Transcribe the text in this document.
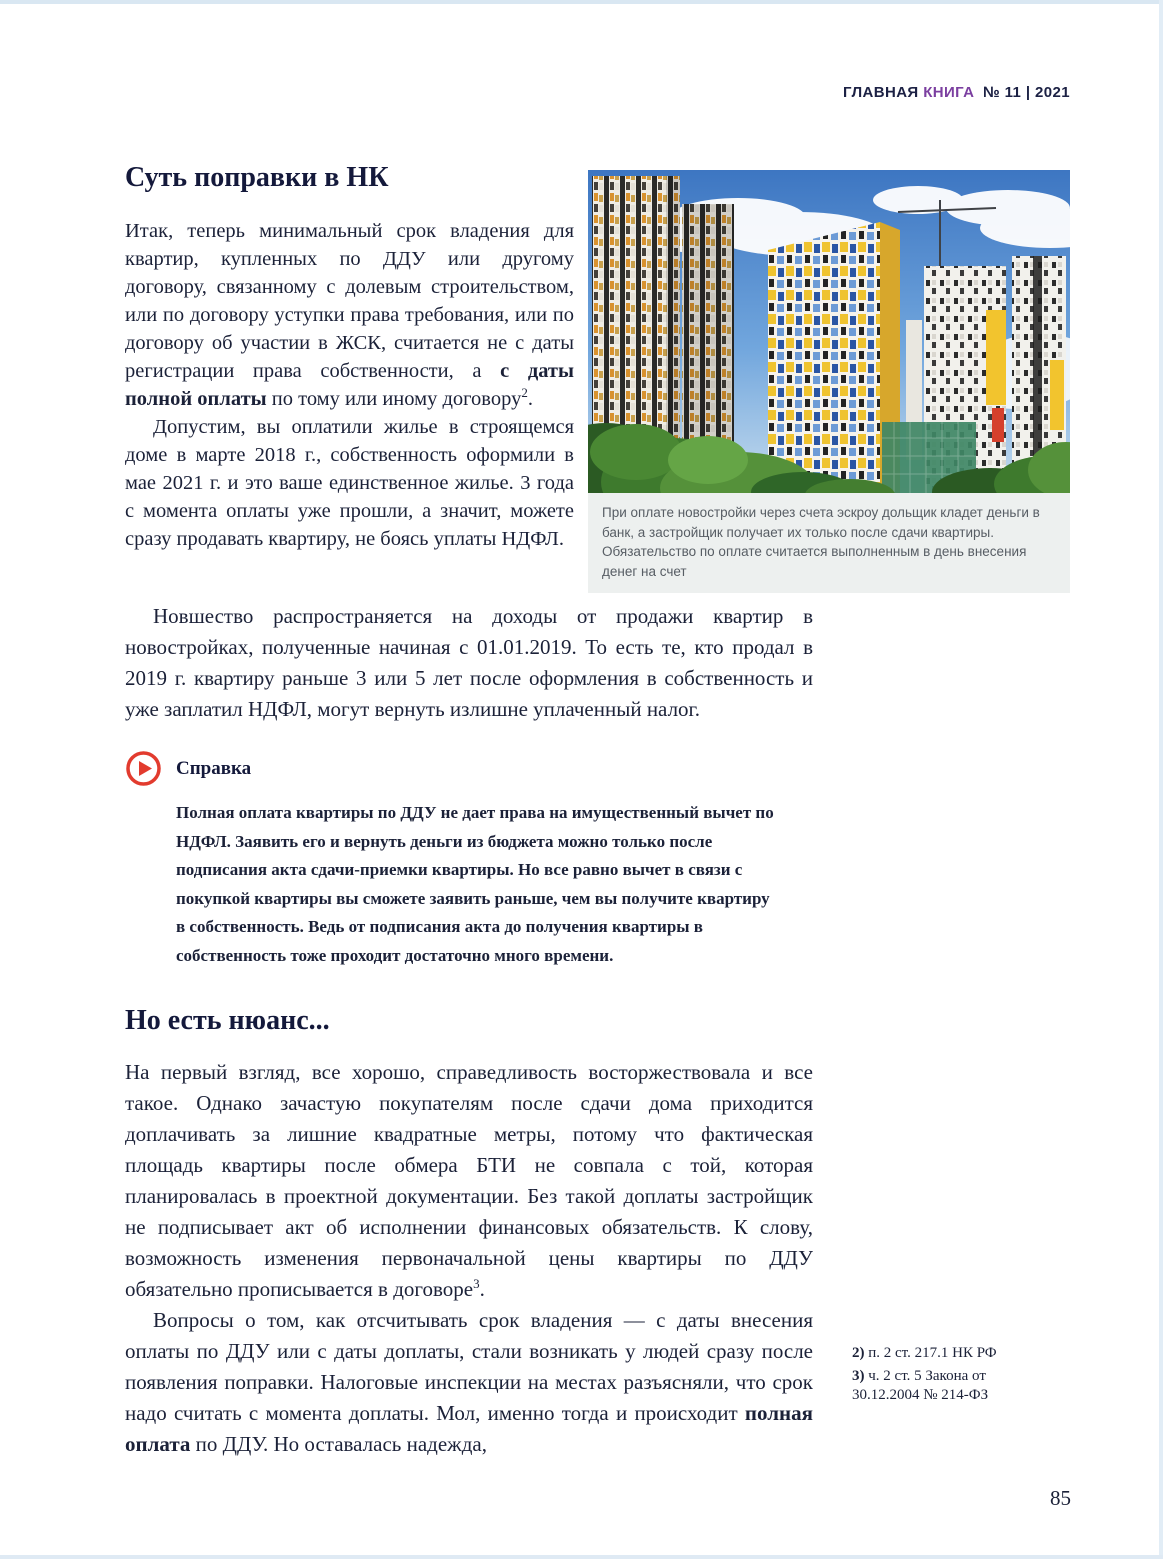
ГЛАВНАЯ КНИГА № 11 | 2021
Суть поправки в НК

Итак, теперь минимальный срок владения для квартир, купленных по ДДУ или другому договору, связанному с долевым строительством, или по договору уступки права требования, или по договору об участии в ЖСК, считается не с даты регистрации права собственности, а с даты полной оплаты по тому или иному договору$^2$.

Допустим, вы оплатили жилье в строящемся доме в марте 2018 г., собственность оформили в мае 2021 г. и это ваше единственное жилье. 3 года с момента оплаты уже прошли, а значит, можете сразу продавать квартиру, не боясь уплаты НДФЛ.

При оплате новостройки через счета эскроу дольщик кладет деньги в банк, а застройщик получает их только после сдачи квартиры. Обязательство по оплате считается выполненным в день внесения денег на счет

Новшество распространяется на доходы от продажи квартир в новостройках, полученные начиная с 01.01.2019. То есть те, кто продал в 2019 г. квартиру раньше 3 или 5 лет после оформления в собственность и уже заплатил НДФЛ, могут вернуть излишне уплаченный налог.

Справка

Полная оплата квартиры по ДДУ не дает права на имущественный вычет по НДФЛ. Заявить его и вернуть деньги из бюджета можно только после подписания акта сдачи-приемки квартиры. Но все равно вычет в связи с покупкой квартиры вы сможете заявить раньше, чем вы получите квартиру в собственность. Ведь от подписания акта до получения квартиры в собственность тоже проходит достаточно много времени.

Но есть нюанс...

На первый взгляд, все хорошо, справедливость восторжествовала и все такое. Однако зачастую покупателям после сдачи дома приходится доплачивать за лишние квадратные метры, потому что фактическая площадь квартиры после обмера БТИ не совпала с той, которая планировалась в проектной документации. Без такой доплаты застройщик не подписывает акт об исполнении финансовых обязательств. К слову, возможность изменения первоначальной цены квартиры по ДДУ обязательно прописывается в договоре$^3$.

Вопросы о том, как отсчитывать срок владения — с даты внесения оплаты по ДДУ или с даты доплаты, стали возникать у людей сразу после появления поправки. Налоговые инспекции на местах разъясняли, что срок надо считать с момента доплаты. Мол, именно тогда и происходит полная оплата по ДДУ. Но оставалась надежда,

2) п. 2 ст. 217.1 НК РФ
3) ч. 2 ст. 5 Закона от 30.12.2004 № 214-ФЗ
85
